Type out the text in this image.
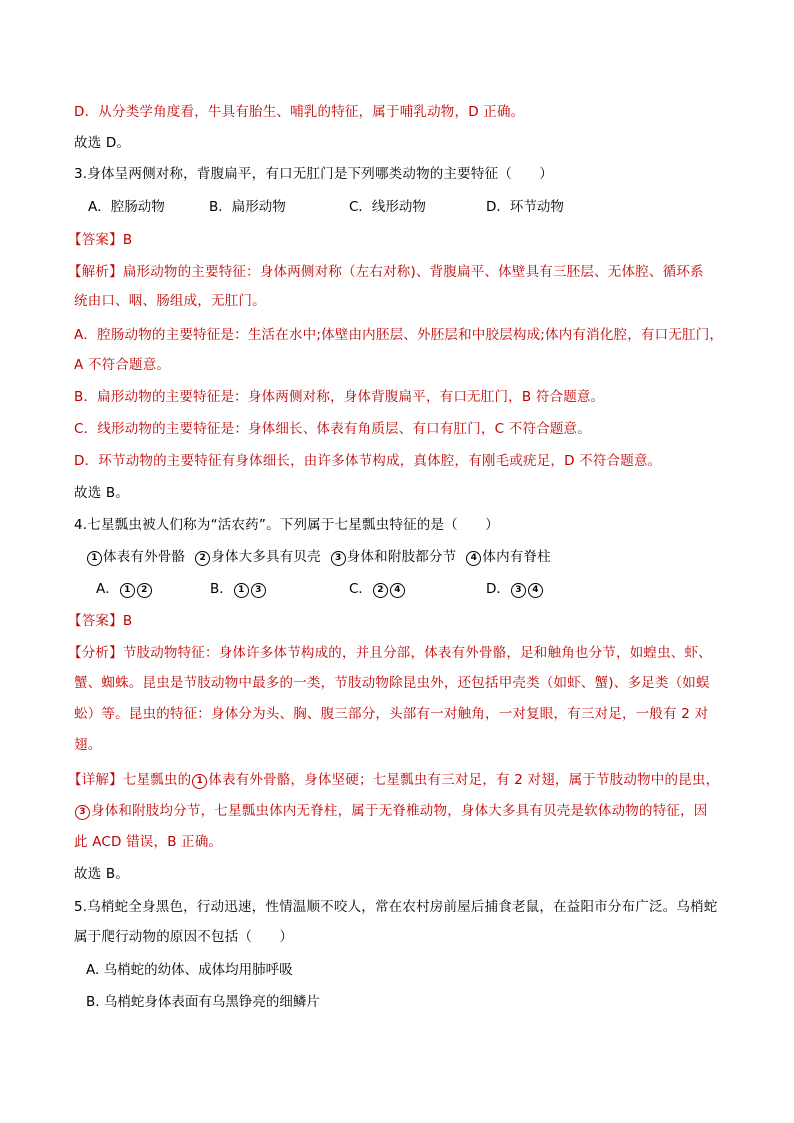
D．从分类学角度看，牛具有胎生、哺乳的特征，属于哺乳动物，D 正确。
故选 D。
3.身体呈两侧对称，背腹扁平，有口无肛门是下列哪类动物的主要特征（　　）
A．腔肠动物	B．扁形动物	C．线形动物	D．环节动物
【答案】B
【解析】扁形动物的主要特征：身体两侧对称（左右对称)、背腹扁平、体壁具有三胚层、无体腔、循环系
统由口、咽、肠组成，无肛门。
A．腔肠动物的主要特征是：生活在水中;体壁由内胚层、外胚层和中胶层构成;体内有消化腔，有口无肛门，
A 不符合题意。
B．扁形动物的主要特征是：身体两侧对称，身体背腹扁平，有口无肛门，B 符合题意。
C．线形动物的主要特征是：身体细长、体表有角质层、有口有肛门，C 不符合题意。
D．环节动物的主要特征有身体细长，由许多体节构成，真体腔，有刚毛或疣足，D 不符合题意。
故选 B。
4.七星瓢虫被人们称为“活农药”。下列属于七星瓢虫特征的是（　　）
1 体表有外骨骼 2 身体大多具有贝壳 3 身体和附肢都分节 4 体内有脊柱
A． 1 2	B． 1 3	C． 2 4	D． 3 4
【答案】B
【分析】节肢动物特征：身体许多体节构成的，并且分部，体表有外骨骼，足和触角也分节，如蝗虫、虾、
蟹、蜘蛛。昆虫是节肢动物中最多的一类，节肢动物除昆虫外，还包括甲壳类（如虾、蟹)、多足类（如蜈
蚣）等。昆虫的特征：身体分为头、胸、腹三部分，头部有一对触角，一对复眼，有三对足，一般有 2 对
翅。
【详解】七星瓢虫的 1 体表有外骨骼，身体坚硬；七星瓢虫有三对足，有 2 对翅，属于节肢动物中的昆虫，
3 身体和附肢均分节，七星瓢虫体内无脊柱，属于无脊椎动物，身体大多具有贝壳是软体动物的特征，因
此 ACD 错误，B 正确。
故选 B。
5.乌梢蛇全身黑色，行动迅速，性情温顺不咬人，常在农村房前屋后捕食老鼠，在益阳市分布广泛。乌梢蛇
属于爬行动物的原因不包括（　　）
A. 乌梢蛇的幼体、成体均用肺呼吸
B. 乌梢蛇身体表面有乌黑铮亮的细鳞片
